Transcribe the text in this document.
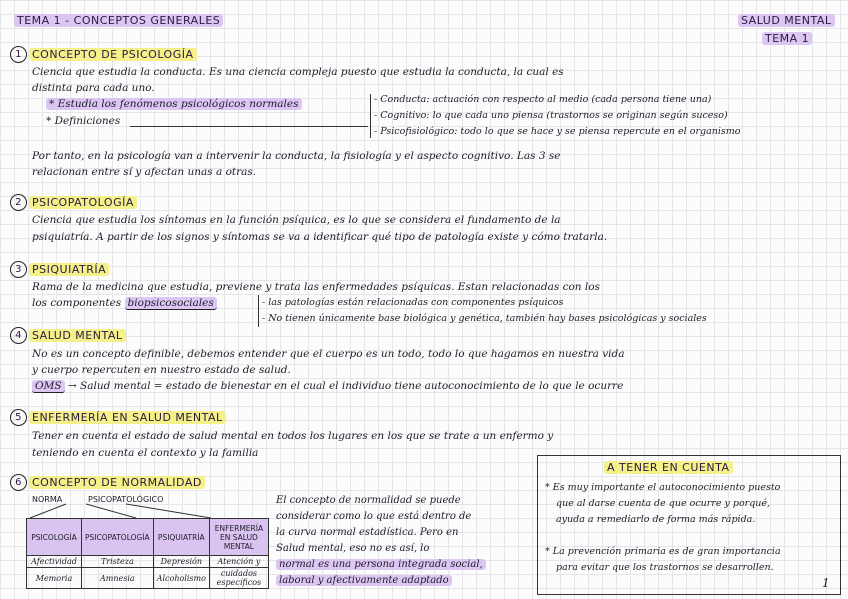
TEMA 1 - CONCEPTOS GENERALES	SALUD MENTAL
TEMA 1
1 CONCEPTO DE PSICOLOGÍA
Ciencia que estudia la conducta. Es una ciencia compleja puesto que estudia la conducta, la cual es
distinta para cada uno.
* Estudia los fenómenos psicológicos normales
* Definiciones
- Conducta: actuación con respecto al medio (cada persona tiene una)
- Cognitivo: lo que cada uno piensa (trastornos se originan según suceso)
- Psicofisiológico: todo lo que se hace y se piensa repercute en el organismo
Por tanto, en la psicología van a intervenir la conducta, la fisiología y el aspecto cognitivo. Las 3 se
relacionan entre sí y afectan unas a otras.
2 PSICOPATOLOGÍA
Ciencia que estudia los síntomas en la función psíquica, es lo que se considera el fundamento de la
psiquiatría. A partir de los signos y síntomas se va a identificar qué tipo de patología existe y cómo tratarla.
3 PSIQUIATRÍA
Rama de la medicina que estudia, previene y trata las enfermedades psíquicas. Estan relacionadas con los
los componentes biopsicosociales	- las patologías están relacionadas con componentes psíquicos
- No tienen únicamente base biológica y genética, también hay bases psicológicas y sociales
4 SALUD MENTAL
No es un concepto definible, debemos entender que el cuerpo es un todo, todo lo que hagamos en nuestra vida
y cuerpo repercuten en nuestro estado de salud.
OMS → Salud mental = estado de bienestar en el cual el individuo tiene autoconocimiento de lo que le ocurre
5 ENFERMERÍA EN SALUD MENTAL
Tener en cuenta el estado de salud mental en todos los lugares en los que se trate a un enfermo y
teniendo en cuenta el contexto y la familia
6 CONCEPTO DE NORMALIDAD
NORMA	PSICOPATOLÓGICO
PSICOLOGÍA	PSICOPATOLOGÍA	PSIQUIATRÍA	ENFERMERÍA EN SALUD MENTAL
Afectividad	Tristeza	Depresión	Atención y
Memoria	Amnesia	Alcoholismo	cuidados específicos
El concepto de normalidad se puede
considerar como lo que está dentro de
la curva normal estadística. Pero en
Salud mental, eso no es así, lo
normal es una persona integrada social,
laboral y afectivamente adaptado
A TENER EN CUENTA
* Es muy importante el autoconocimiento puesto
que al darse cuenta de que ocurre y porqué,
ayuda a remediarlo de forma más rápida.
* La prevención primaria es de gran importancia
para evitar que los trastornos se desarrollen.
1
